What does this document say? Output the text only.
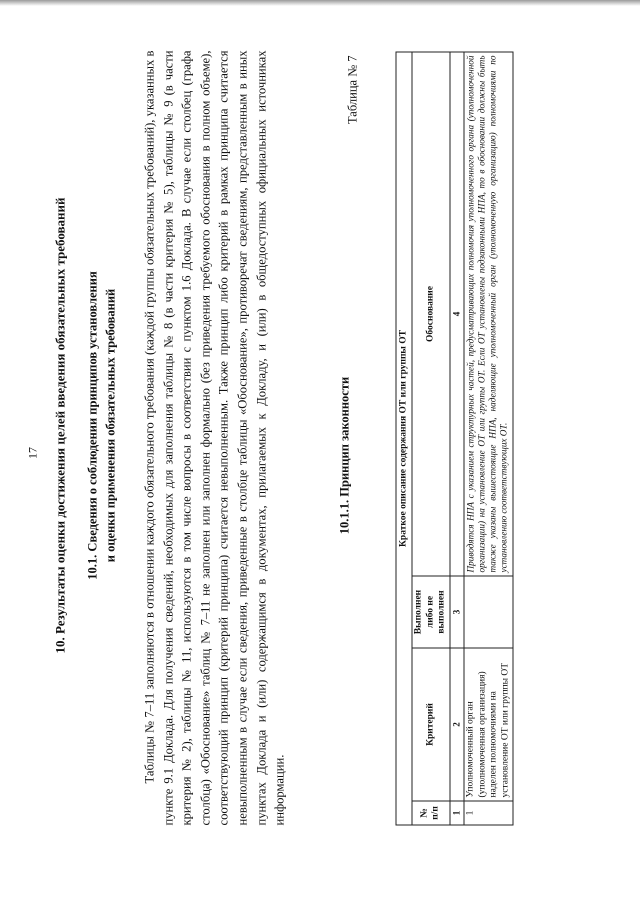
17 10. Результаты оценки достижения целей введения обязательных требований 10.1. Сведения о соблюдении принципов установления и оценки применения обязательных требований Таблицы № 7–11 заполняются в отношении каждого обязательного требования (каждой группы обязательных требований), указанных в пункте 9.1 Доклада. Для получения сведений, необходимых для заполнения таблицы № 8 (в части критерия № 5), таблицы № 9 (в части критерия № 2), таблицы № 11, используются в том числе вопросы в соответствии с пунктом 1.6 Доклада. В случае если столбец (графа столбца) «Обоснование» таблиц № 7–11 не заполнен или заполнен формально (без приведения требуемого обоснования в полном объеме), соответствующий принцип (критерий принципа) считается невыполненным. Также принцип либо критерий в рамках принципа считается невыполненным в случае если сведения, приведенные в столбце таблицы «Обоснование», противоречат сведениям, представленным в иных пунктах Доклада и (или) содержащимся в документах, прилагаемых к Докладу, и (или) в общедоступных официальных источниках информации.

10.1.1. Принцип законности
Таблица № 7
Краткое описание содержания ОТ или группы ОТ			
№ п/п	Критерий	Выполнен либо не выполнен	Обоснование
1	2	3	4
1	Уполномоченный орган (уполномоченная организация) наделен полномочиями на установление ОТ или группы ОТ		Приводятся НПА с указанием структурных частей, предусматривающих полномочия уполномоченного органа (уполномоченной организации) на установление ОТ или группы ОТ. Если ОТ установлены подзаконными НПА, то в обосновании должны быть также указаны вышестоящие НПА, наделяющие уполномоченный орган (уполномоченную организацию) полномочиями по установлению соответствующих ОТ.
